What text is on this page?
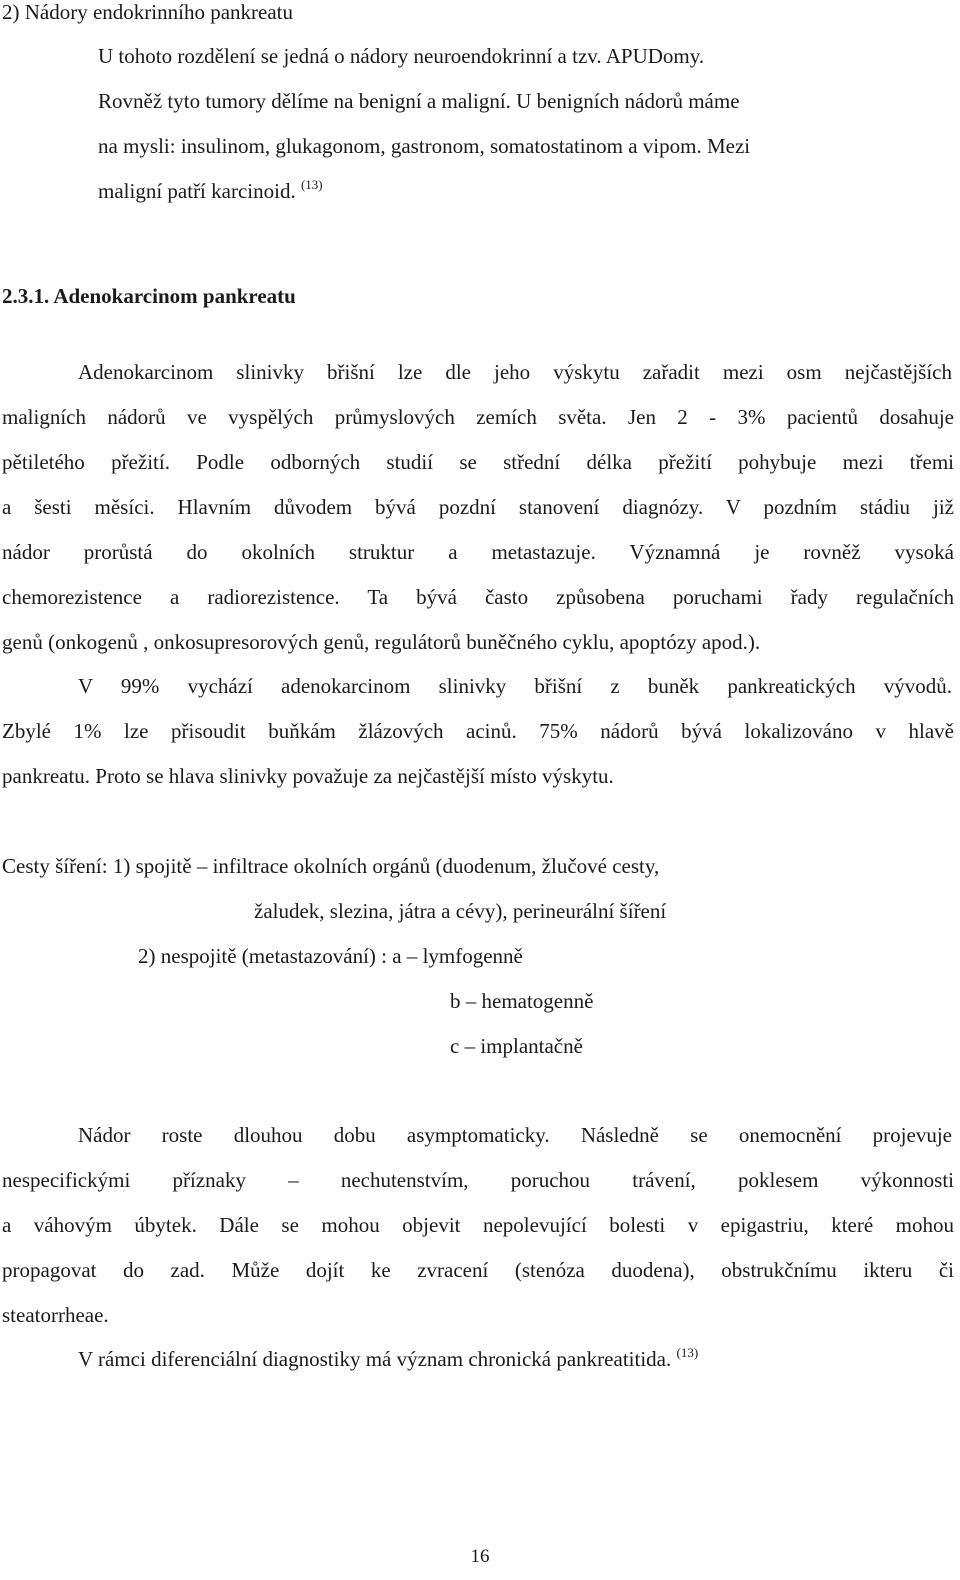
2) Nádory endokrinního pankreatu
U tohoto rozdělení se jedná o nádory neuroendokrinní a tzv. APUDomy.
Rovněž tyto tumory dělíme na benigní a maligní. U benigních nádorů máme
na mysli: insulinom, glukagonom, gastronom, somatostatinom a vipom. Mezi
maligní patří karcinoid. $^{(13)}$
2.3.1. Adenokarcinom pankreatu
Adenokarcinom slinivky břišní lze dle jeho výskytu zařadit mezi osm nejčastějších
maligních nádorů ve vyspělých průmyslových zemích světa. Jen 2 - 3% pacientů dosahuje
pětiletého přežití. Podle odborných studií se střední délka přežití pohybuje mezi třemi
a šesti měsíci. Hlavním důvodem bývá pozdní stanovení diagnózy. V pozdním stádiu již
nádor prorůstá do okolních struktur a metastazuje. Významná je rovněž vysoká
chemorezistence a radiorezistence. Ta bývá často způsobena poruchami řady regulačních
genů (onkogenů , onkosupresorových genů, regulátorů buněčného cyklu, apoptózy apod.).
V 99% vychází adenokarcinom slinivky břišní z buněk pankreatických vývodů.
Zbylé 1% lze přisoudit buňkám žlázových acinů. 75% nádorů bývá lokalizováno v hlavě
pankreatu. Proto se hlava slinivky považuje za nejčastější místo výskytu.
Cesty šíření: 1) spojitě – infiltrace okolních orgánů (duodenum, žlučové cesty,
žaludek, slezina, játra a cévy), perineurální šíření
2) nespojitě (metastazování) : a – lymfogenně
b – hematogenně
c – implantačně
Nádor roste dlouhou dobu asymptomaticky. Následně se onemocnění projevuje
nespecifickými příznaky – nechutenstvím, poruchou trávení, poklesem výkonnosti
a váhovým úbytek. Dále se mohou objevit nepolevující bolesti v epigastriu, které mohou
propagovat do zad. Může dojít ke zvracení (stenóza duodena), obstrukčnímu ikteru či
steatorrheae.
V rámci diferenciální diagnostiky má význam chronická pankreatitida. $^{(13)}$
16
